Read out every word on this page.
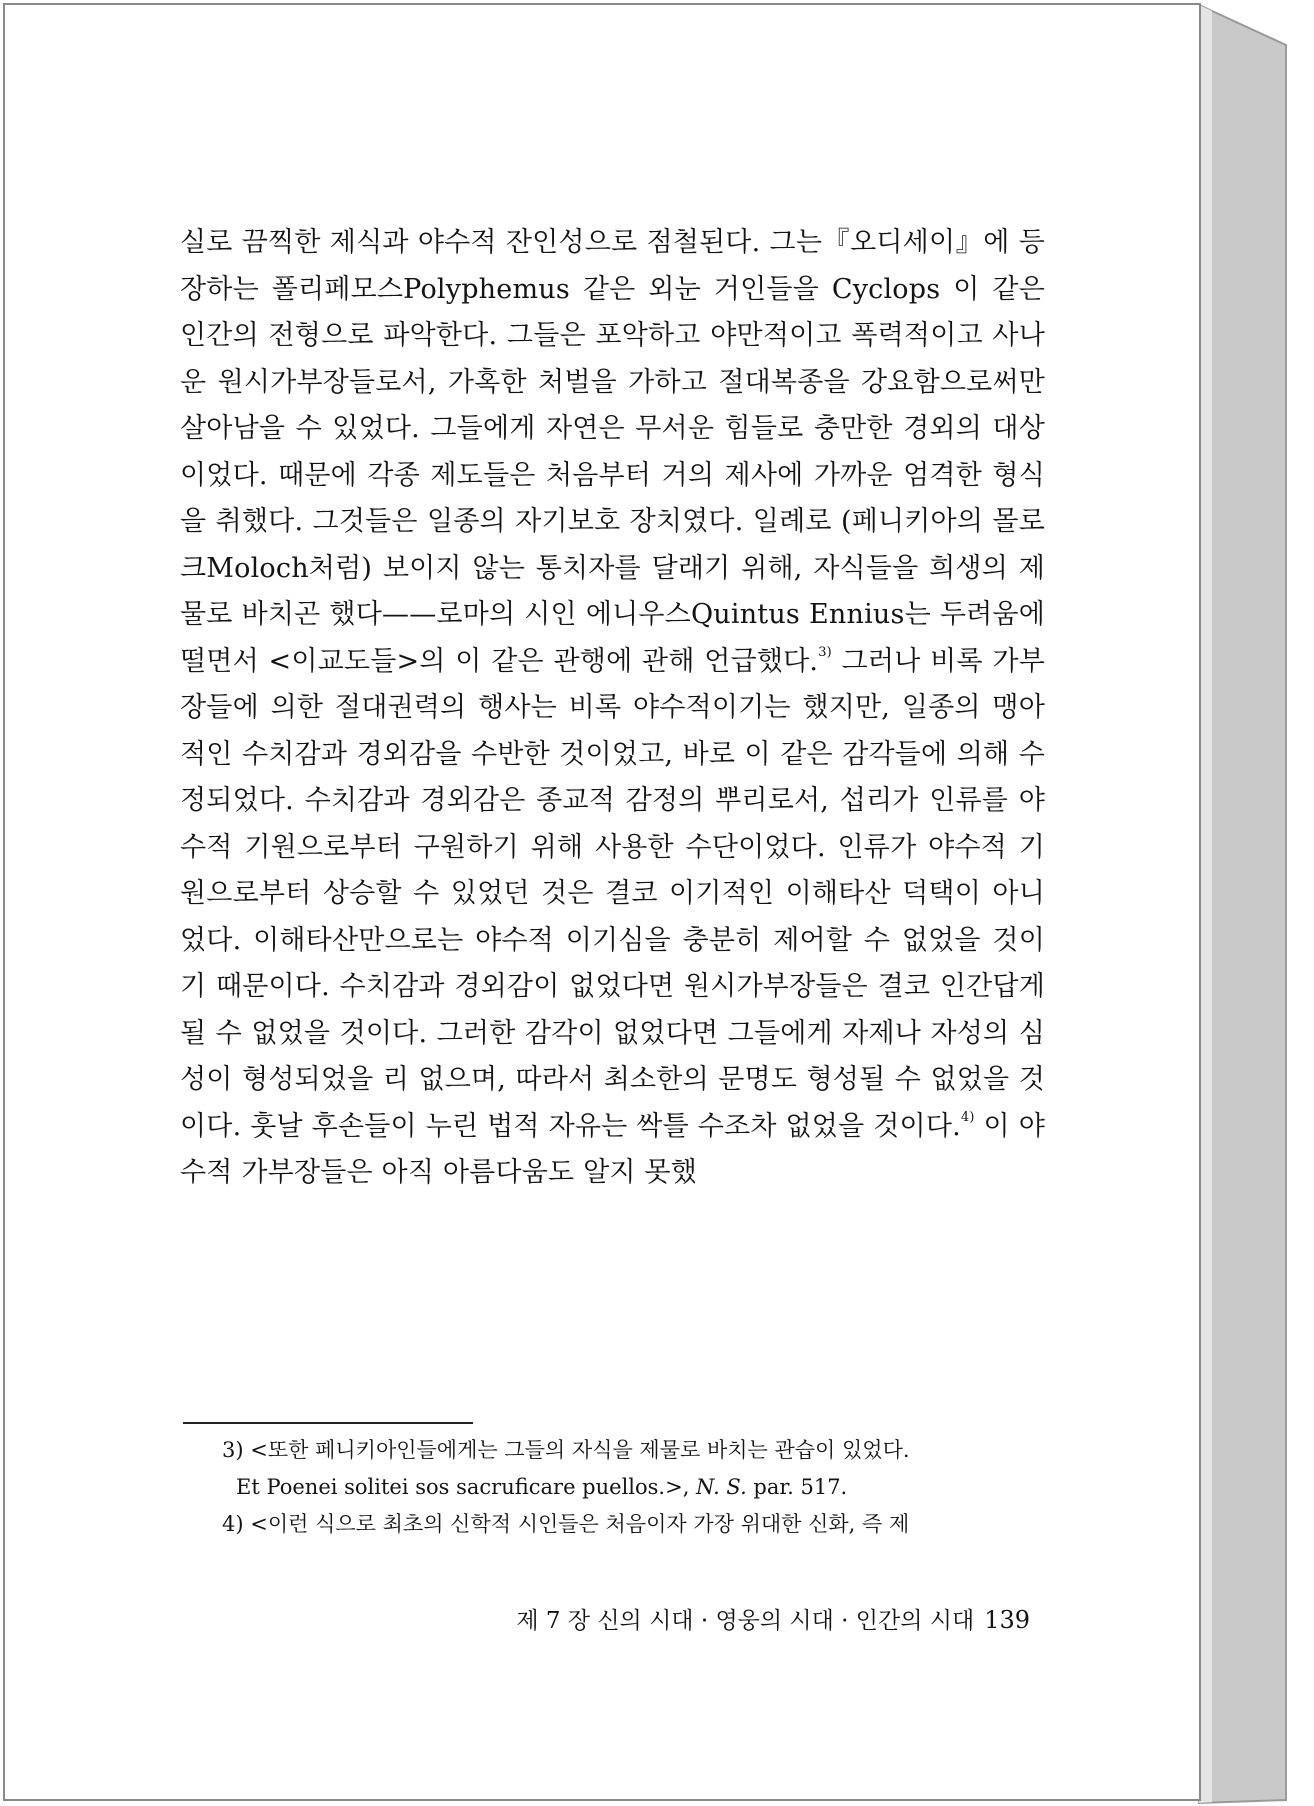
실로 끔찍한 제식과 야수적 잔인성으로 점철된다. 그는『오디세이』에 등장하는 폴리페모스Polyphemus 같은 외눈 거인들을 Cyclops 이 같은 인간의 전형으로 파악한다. 그들은 포악하고 야만적이고 폭력적이고 사나운 원시가부장들로서, 가혹한 처벌을 가하고 절대복종을 강요함으로써만 살아남을 수 있었다. 그들에게 자연은 무서운 힘들로 충만한 경외의 대상이었다. 때문에 각종 제도들은 처음부터 거의 제사에 가까운 엄격한 형식을 취했다. 그것들은 일종의 자기보호 장치였다. 일례로 (페니키아의 몰로크Moloch처럼) 보이지 않는 통치자를 달래기 위해, 자식들을 희생의 제물로 바치곤 했다——로마의 시인 에니우스Quintus Ennius는 두려움에 떨면서 <이교도들>의 이 같은 관행에 관해 언급했다.$^{3)}$ 그러나 비록 가부장들에 의한 절대권력의 행사는 비록 야수적이기는 했지만, 일종의 맹아적인 수치감과 경외감을 수반한 것이었고, 바로 이 같은 감각들에 의해 수정되었다. 수치감과 경외감은 종교적 감정의 뿌리로서, 섭리가 인류를 야수적 기원으로부터 구원하기 위해 사용한 수단이었다. 인류가 야수적 기원으로부터 상승할 수 있었던 것은 결코 이기적인 이해타산 덕택이 아니었다. 이해타산만으로는 야수적 이기심을 충분히 제어할 수 없었을 것이기 때문이다. 수치감과 경외감이 없었다면 원시가부장들은 결코 인간답게 될 수 없었을 것이다. 그러한 감각이 없었다면 그들에게 자제나 자성의 심성이 형성되었을 리 없으며, 따라서 최소한의 문명도 형성될 수 없었을 것이다. 훗날 후손들이 누린 법적 자유는 싹틀 수조차 없었을 것이다.$^{4)}$ 이 야수적 가부장들은 아직 아름다움도 알지 못했

3) <또한 페니키아인들에게는 그들의 자식을 제물로 바치는 관습이 있었다.

Et Poenei solitei sos sacruficare puellos.>, N. S. par. 517.

4) <이런 식으로 최초의 신학적 시인들은 처음이자 가장 위대한 신화, 즉 제

제 7 장 신의 시대 · 영웅의 시대 · 인간의 시대 139
